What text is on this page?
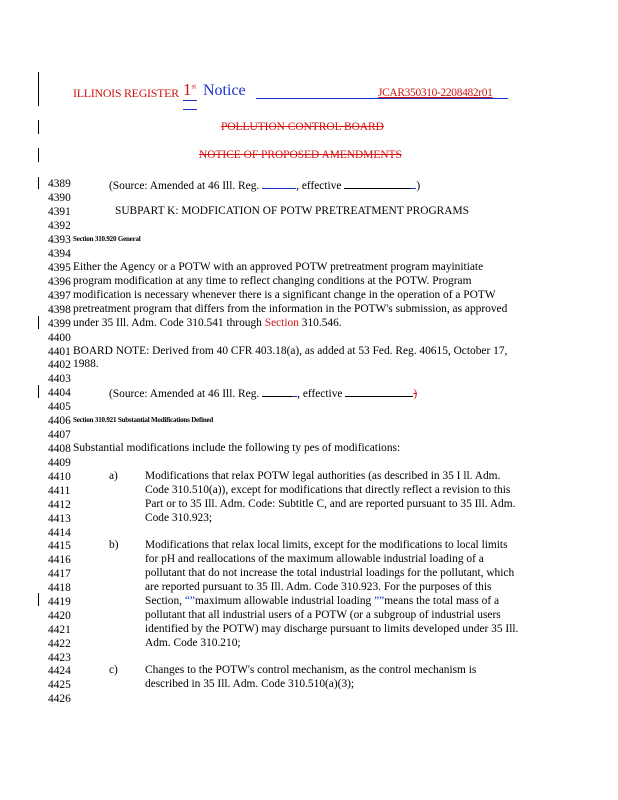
ILLINOIS REGISTER 1st Notice	JCAR350310-2208482r01
POLLUTION CONTROL BOARD
NOTICE OF PROPOSED AMENDMENTS
4389
4390
4391
4392
4393
4394
4395
4396
4397
4398
4399
4400
4401
4402
4403
4404
4405
4406
4407
4408
4409
4410
4411
4412
4413
4414
4415
4416
4417
4418
4419
4420
4421
4422
4423
4424
4425
4426
(Source: Amended at 46 Ill. Reg.	, effective	)
SUBPART K: MODFICATION OF POTW PRETREATMENT PROGRAMS
Section 310.920 General
Either the Agency or a POTW with an approved POTW pretreatment program mayinitiate
program modification at any time to reflect changing conditions at the POTW. Program
modification is necessary whenever there is a significant change in the operation of a POTW
pretreatment program that differs from the information in the POTW's submission, as approved
under 35 Ill. Adm. Code 310.541 through Section 310.546.
BOARD NOTE: Derived from 40 CFR 403.18(a), as added at 53 Fed. Reg. 40615, October 17,
1988.
(Source: Amended at 46 Ill. Reg.	, effective	)
Section 310.921 Substantial Modifications Defined
Substantial modifications include the following ty pes of modifications:
a) Modifications that relax POTW legal authorities (as described in 35 I ll. Adm.
Code 310.510(a)), except for modifications that directly reflect a revision to this
Part or to 35 Ill. Adm. Code: Subtitle C, and are reported pursuant to 35 Ill. Adm.
Code 310.923;
b) Modifications that relax local limits, except for the modifications to local limits
for pH and reallocations of the maximum allowable industrial loading of a
pollutant that do not increase the total industrial loadings for the pollutant, which
are reported pursuant to 35 Ill. Adm. Code 310.923. For the purposes of this
Section, “”maximum allowable industrial loading ””means the total mass of a
pollutant that all industrial users of a POTW (or a subgroup of industrial users
identified by the POTW) may discharge pursuant to limits developed under 35 Ill.
Adm. Code 310.210;
c) Changes to the POTW's control mechanism, as the control mechanism is
described in 35 Ill. Adm. Code 310.510(a)(3);
